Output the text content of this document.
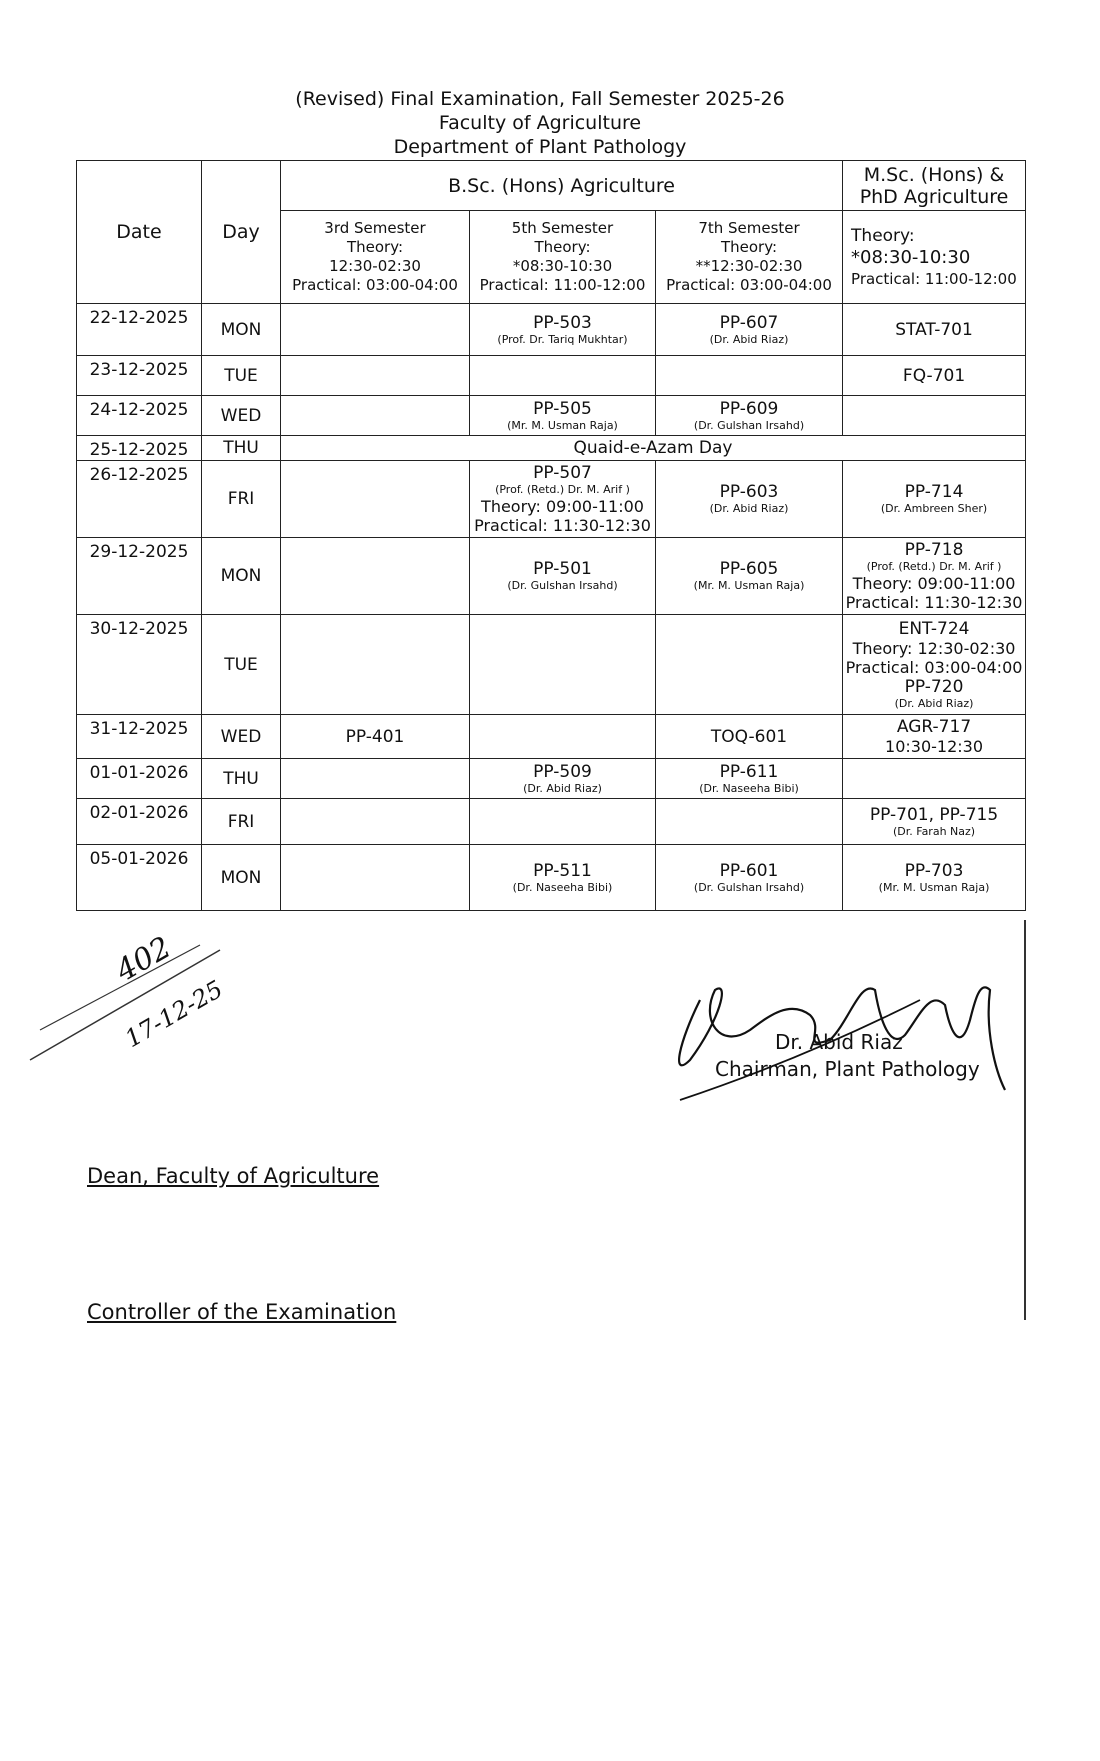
(Revised) Final Examination, Fall Semester 2025-26
Faculty of Agriculture
Department of Plant Pathology
Date	Day	B.Sc. (Hons) Agriculture			M.Sc. (Hons) &
PhD Agriculture

		3rd Semester
Theory:
12:30-02:30
Practical: 03:00-04:00	5th Semester
Theory:
*08:30-10:30
Practical: 11:00-12:00	7th Semester
Theory:
**12:30-02:30
Practical: 03:00-04:00	Theory:
*08:30-10:30
Practical: 11:00-12:00

22-12-2025	MON		PP-503
(Prof. Dr. Tariq Mukhtar)	PP-607
(Dr. Abid Riaz)	STAT-701

23-12-2025	TUE				FQ-701

24-12-2025	WED		PP-505
(Mr. M. Usman Raja)	PP-609
(Dr. Gulshan Irsahd)	

25-12-2025	THU	Quaid-e-Azam Day			
26-12-2025	FRI		PP-507
(Prof. (Retd.) Dr. M. Arif )
Theory: 09:00-11:00
Practical: 11:30-12:30	PP-603
(Dr. Abid Riaz)	PP-714
(Dr. Ambreen Sher)

29-12-2025	MON		PP-501
(Dr. Gulshan Irsahd)	PP-605
(Mr. M. Usman Raja)	PP-718
(Prof. (Retd.) Dr. M. Arif )
Theory: 09:00-11:00
Practical: 11:30-12:30

30-12-2025	TUE				ENT-724
Theory: 12:30-02:30
Practical: 03:00-04:00
PP-720
(Dr. Abid Riaz)

31-12-2025	WED	PP-401		TOQ-601	AGR-717
10:30-12:30

01-01-2026	THU		PP-509
(Dr. Abid Riaz)	PP-611
(Dr. Naseeha Bibi)	

02-01-2026	FRI				PP-701, PP-715
(Dr. Farah Naz)

05-01-2026	MON		PP-511
(Dr. Naseeha Bibi)	PP-601
(Dr. Gulshan Irsahd)	PP-703
(Mr. M. Usman Raja)
Dr. Abid Riaz
Chairman, Plant Pathology
402
17-12-25
Dean, Faculty of Agriculture
Controller of the Examination
